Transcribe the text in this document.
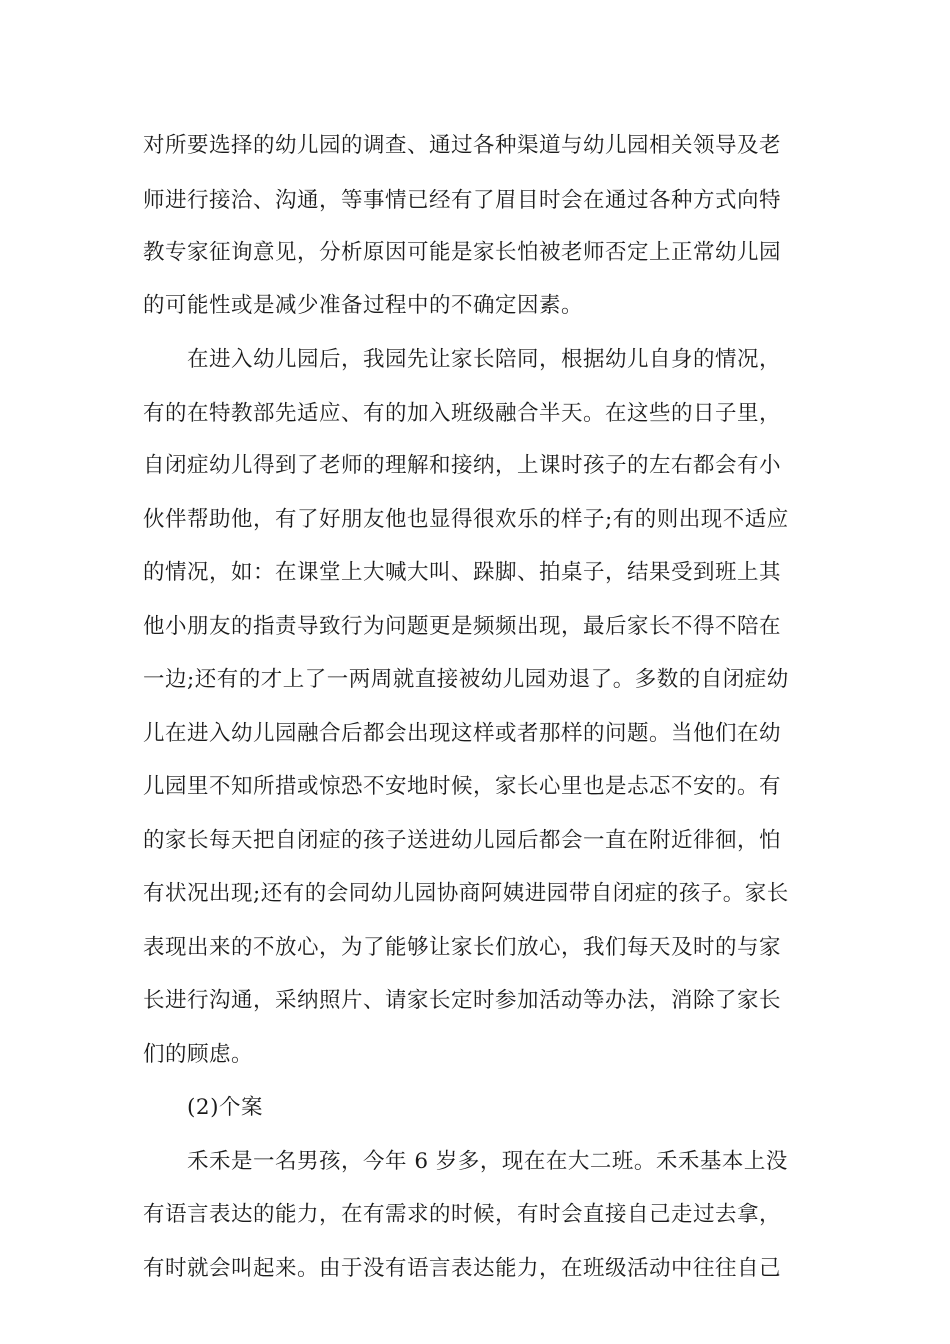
对所要选择的幼儿园的调查、通过各种渠道与幼儿园相关领导及老
师进行接洽、沟通，等事情已经有了眉目时会在通过各种方式向特
教专家征询意见，分析原因可能是家长怕被老师否定上正常幼儿园
的可能性或是减少准备过程中的不确定因素。
在进入幼儿园后，我园先让家长陪同，根据幼儿自身的情况，
有的在特教部先适应、有的加入班级融合半天。在这些的日子里，
自闭症幼儿得到了老师的理解和接纳，上课时孩子的左右都会有小
伙伴帮助他，有了好朋友他也显得很欢乐的样子;有的则出现不适应
的情况，如：在课堂上大喊大叫、跺脚、拍桌子，结果受到班上其
他小朋友的指责导致行为问题更是频频出现，最后家长不得不陪在
一边;还有的才上了一两周就直接被幼儿园劝退了。多数的自闭症幼
儿在进入幼儿园融合后都会出现这样或者那样的问题。当他们在幼
儿园里不知所措或惊恐不安地时候，家长心里也是忐忑不安的。有
的家长每天把自闭症的孩子送进幼儿园后都会一直在附近徘徊，怕
有状况出现;还有的会同幼儿园协商阿姨进园带自闭症的孩子。家长
表现出来的不放心，为了能够让家长们放心，我们每天及时的与家
长进行沟通，采纳照片、请家长定时参加活动等办法，消除了家长
们的顾虑。
(2)个案
禾禾是一名男孩，今年 6 岁多，现在在大二班。禾禾基本上没
有语言表达的能力，在有需求的时候，有时会直接自己走过去拿，
有时就会叫起来。由于没有语言表达能力，在班级活动中往往自己
